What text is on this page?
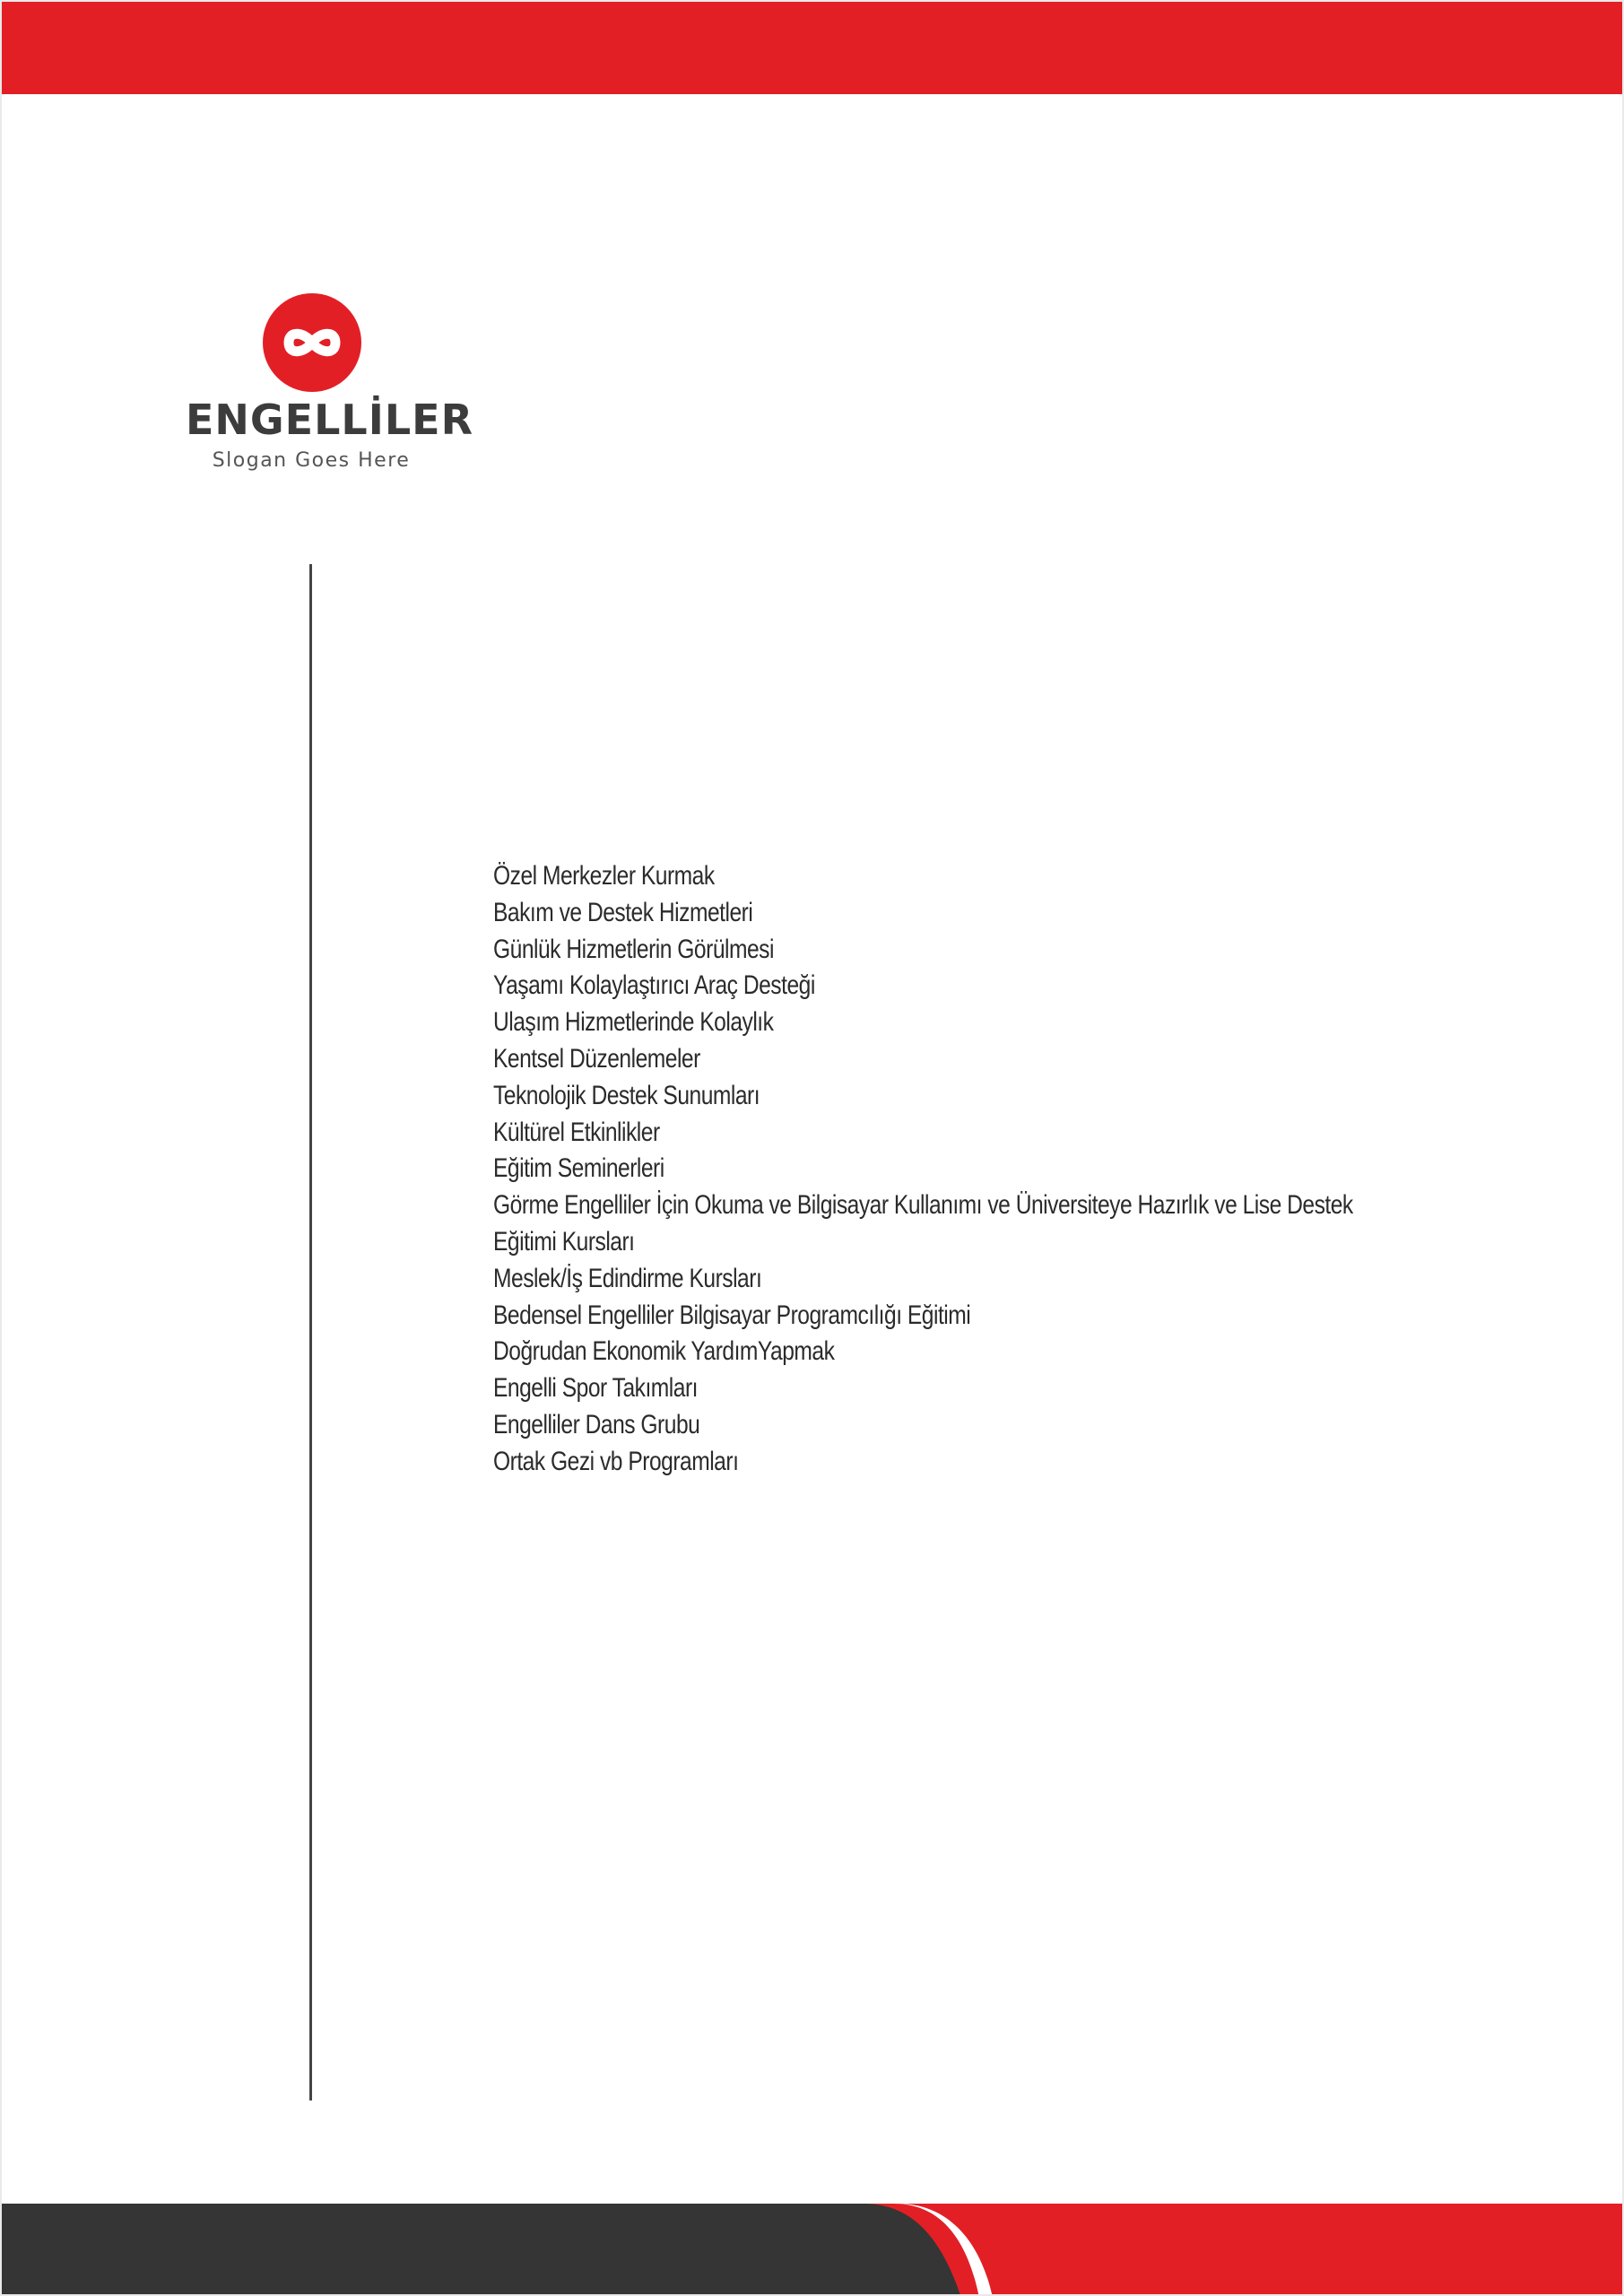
ENGELLİLER
Slogan Goes Here
Özel Merkezler Kurmak
Bakım ve Destek Hizmetleri
Günlük Hizmetlerin Görülmesi
Yaşamı Kolaylaştırıcı Araç Desteği
Ulaşım Hizmetlerinde Kolaylık
Kentsel Düzenlemeler
Teknolojik Destek Sunumları
Kültürel Etkinlikler
Eğitim Seminerleri
Görme Engelliler İçin Okuma ve Bilgisayar Kullanımı ve Üniversiteye Hazırlık ve Lise Destek
Eğitimi Kursları
Meslek/İş Edindirme Kursları
Bedensel Engelliler Bilgisayar Programcılığı Eğitimi
Doğrudan Ekonomik YardımYapmak
Engelli Spor Takımları
Engelliler Dans Grubu
Ortak Gezi vb Programları
